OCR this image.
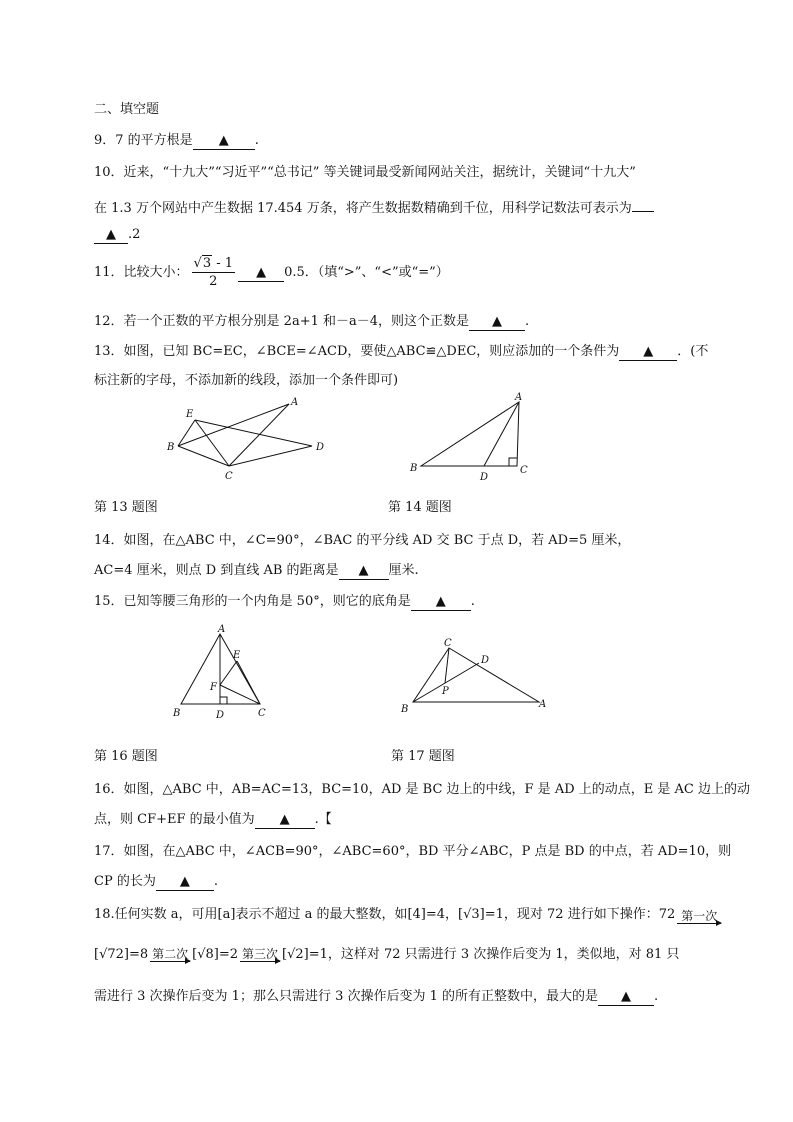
二、填空题
9．7 的平方根是 ▲ .
10．近来，“十九大”“习近平”“总书记” 等关键词最受新闻网站关注，据统计，关键词“十九大”
在 1.3 万个网站中产生数据 17.454 万条，将产生数据数精确到千位，用科学记数法可表示为
▲ .2
11．比较大小： $\frac{√3 - 1}{2}$ ▲ 0.5．（填“>”、“<”或“=”）
12．若一个正数的平方根分别是 2a+1 和－a－4，则这个正数是 ▲ .
13．如图，已知 BC=EC，∠BCE=∠ACD，要使△ABC≌△DEC，则应添加的一个条件为 ▲ ．(不
标注新的字母，不添加新的线段，添加一个条件即可)
E
A
B	D
C
A
B
D
C
第 13 题图	第 14 题图
14．如图，在△ABC 中，∠C=90°，∠BAC 的平分线 AD 交 BC 于点 D，若 AD=5 厘米，
AC=4 厘米，则点 D 到直线 AB 的距离是 ▲ 厘米.
15．已知等腰三角形的一个内角是 50°，则它的底角是 ▲ .
A
E
F
B	D	C
C
D
P
B	A
第 16 题图	第 17 题图
16．如图，△ABC 中，AB=AC=13，BC=10，AD 是 BC 边上的中线，F 是 AD 上的动点，E 是 AC 边上的动
点，则 CF+EF 的最小值为 ▲ .【
17．如图，在△ABC 中，∠ACB=90°，∠ABC=60°，BD 平分∠ABC，P 点是 BD 的中点，若 AD=10，则
CP 的长为 ▲ .
18.任何实数 a，可用[a]表示不超过 a 的最大整数，如[4]=4，[√3]=1，现对 72 进行如下操作：72 第一次
[√72]=8 第二次 [√8]=2 第三次 [√2]=1，这样对 72 只需进行 3 次操作后变为 1，类似地，对 81 只
需进行 3 次操作后变为 1；那么只需进行 3 次操作后变为 1 的所有正整数中，最大的是 ▲ .
